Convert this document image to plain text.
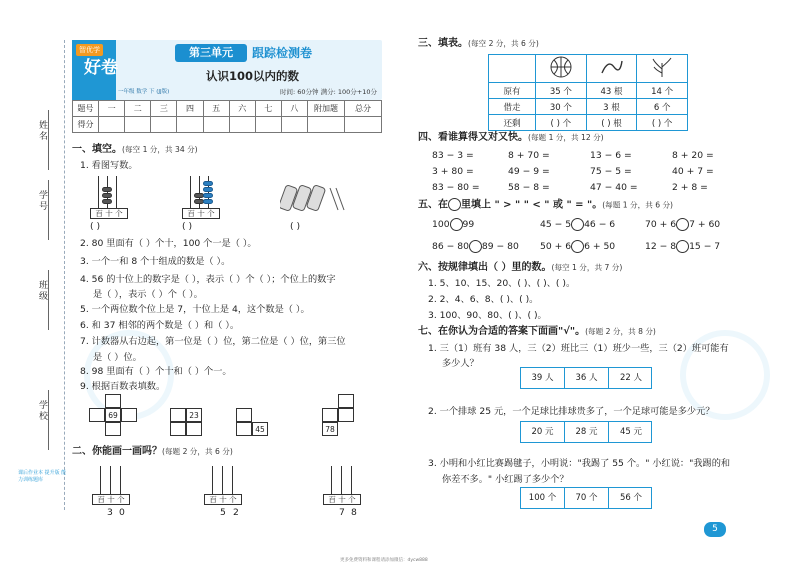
姓名
学号
班级
学校
课后作业本 提升版 能力训练题库
智优学
好卷
一年级 数学 下 (JJ版)
第三单元	跟踪检测卷
认识100以内的数
时间: 60分钟 满分: 100分+10分
题号	一	二	三	四	五	六	七	八	附加题	总分
得分										
一、填空。(每空 1 分，共 34 分)
1. 看图写数。
百 十 个
( )
百 十 个
( )	( )
2. 80 里面有（ ）个十，100 个一是（ ）。
3. 一个一和 8 个十组成的数是（ ）。
4. 56 的十位上的数字是（ ），表示（ ）个（ ）；个位上的数字
是（ ），表示（ ）个（ ）。
5. 一个两位数个位上是 7，十位上是 4，这个数是（ ）。
6. 和 37 相邻的两个数是（ ）和（ ）。
7. 计数器从右边起，第一位是（ ）位，第二位是（ ）位，第三位
是（ ）位。
8. 98 里面有（ ）个十和（ ）个一。
9. 根据百数表填数。
69	23
45	78
二、你能画一画吗？(每题 2 分，共 6 分)
百 十 个
3 0
百 十 个
5 2
百 十 个
7 8
三、填表。(每空 2 分，共 6 分)

原有	35 个	43 根	14 个
借走	30 个	3 根	6 个
还剩	( ) 个	( ) 根	( ) 个
四、看谁算得又对又快。(每题 1 分，共 12 分)
83 − 3 =	8 + 70 =	13 − 6 =	8 + 20 =
3 + 80 =	49 − 9 =	75 − 5 =	40 + 7 =
83 − 80 =	58 − 8 =	47 − 40 =	2 + 8 =
五、在 里填上 " > " " < " 或 " = "。(每题 1 分，共 6 分)
100 99	45 − 5 46 − 6	70 + 6 7 + 60
86 − 80 89 − 80 50 + 6 6 + 50	12 − 8 15 − 7
六、按规律填出（ ）里的数。(每空 1 分，共 7 分)
1. 5、10、15、20、( )、( )、( )。
2. 2、4、6、8、( )、( )。
3. 100、90、80、( )、( )。
七、在你认为合适的答案下面画"√"。(每题 2 分，共 8 分)
1. 三（1）班有 38 人，三（2）班比三（1）班少一些，三（2）班可能有
多少人？
39 人	36 人	22 人
2. 一个排球 25 元，一个足球比排球贵多了，一个足球可能是多少元？
20 元	28 元	45 元
3. 小明和小红比赛踢毽子，小明说："我踢了 55 个。" 小红说："我踢的和
你差不多。" 小红踢了多少个？
100 个	70 个	56 个
5
更多免费资料和课程请添加微信：dycw888
